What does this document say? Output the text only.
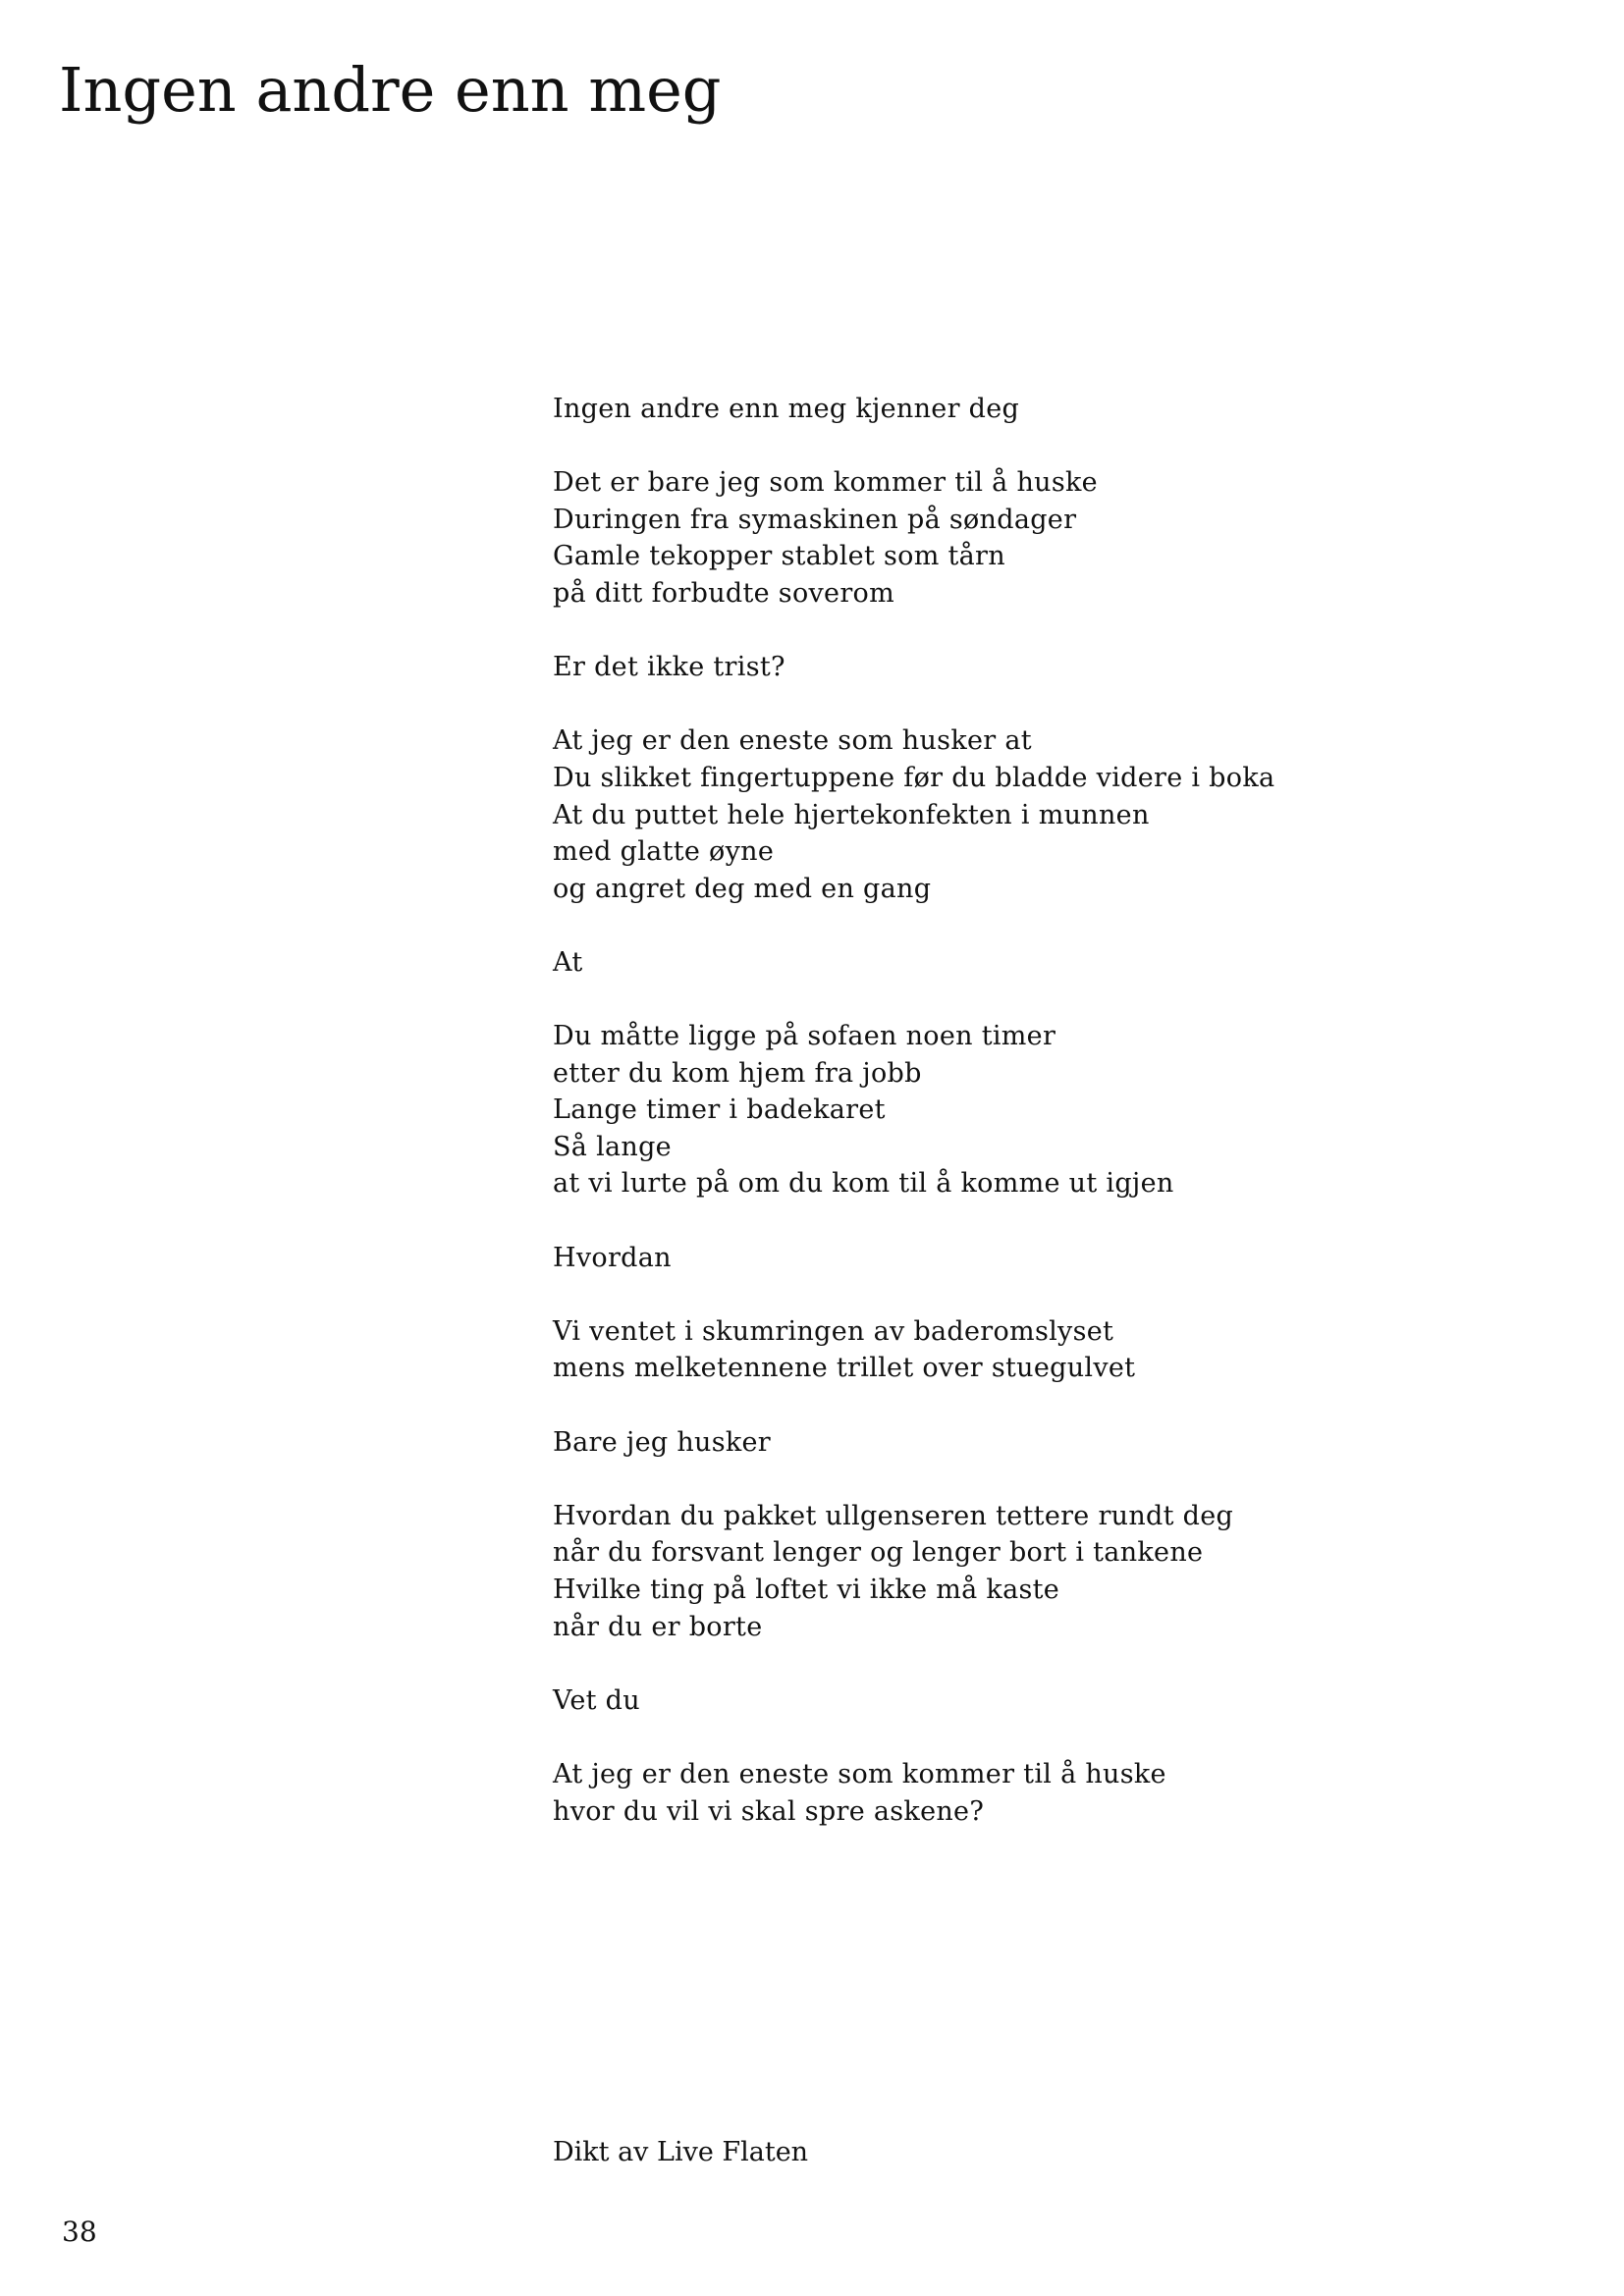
Ingen andre enn meg
Ingen andre enn meg kjenner deg
Det er bare jeg som kommer til å huske
Duringen fra symaskinen på søndager
Gamle tekopper stablet som tårn
på ditt forbudte soverom
Er det ikke trist?
At jeg er den eneste som husker at
Du slikket fingertuppene før du bladde videre i boka
At du puttet hele hjertekonfekten i munnen
med glatte øyne
og angret deg med en gang
At
Du måtte ligge på sofaen noen timer
etter du kom hjem fra jobb
Lange timer i badekaret
Så lange
at vi lurte på om du kom til å komme ut igjen
Hvordan
Vi ventet i skumringen av baderomslyset
mens melketennene trillet over stuegulvet
Bare jeg husker
Hvordan du pakket ullgenseren tettere rundt deg
når du forsvant lenger og lenger bort i tankene
Hvilke ting på loftet vi ikke må kaste
når du er borte
Vet du
At jeg er den eneste som kommer til å huske
hvor du vil vi skal spre askene?
Dikt av Live Flaten
38
